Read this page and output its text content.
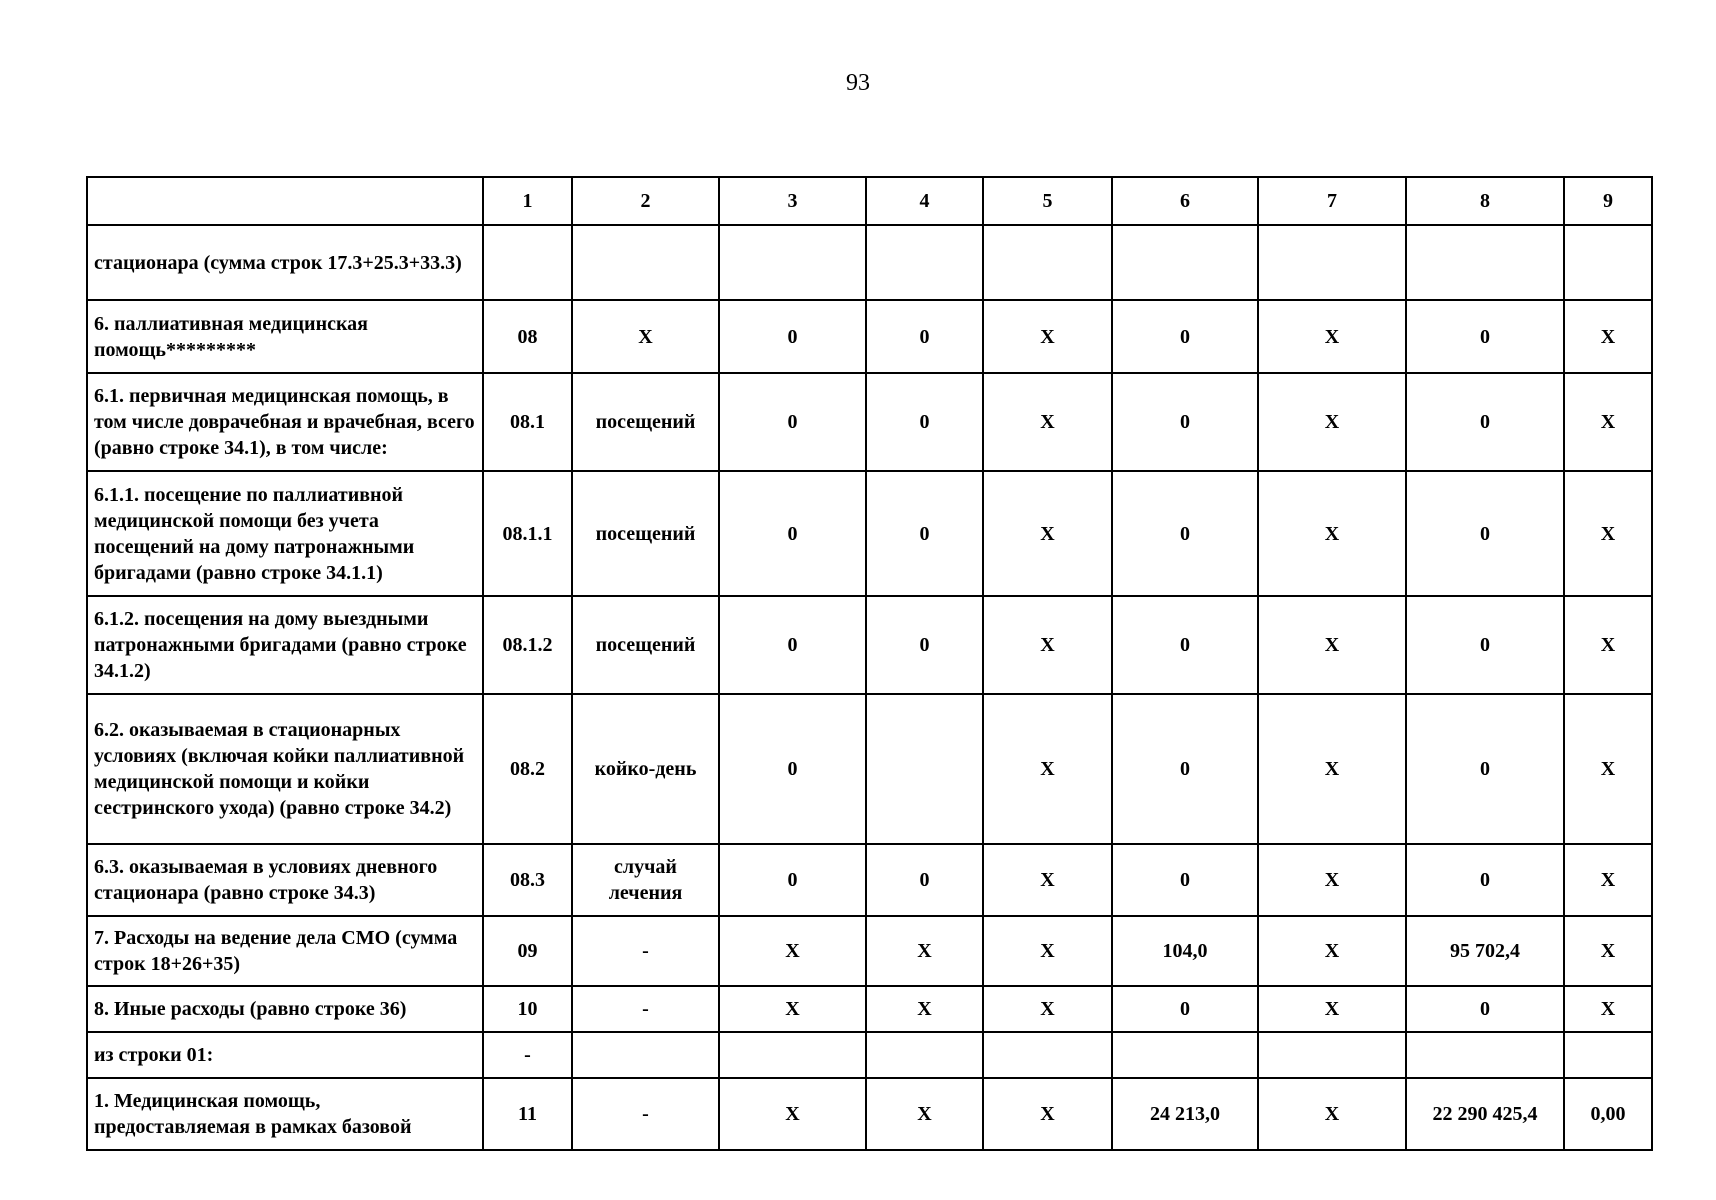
93
	1	2	3	4	5	6	7	8	9
стационара (сумма строк 17.3+25.3+33.3)									
6. паллиативная медицинская помощь*********	08	Х	0	0	Х	0	Х	0	Х
6.1. первичная медицинская помощь, в том числе доврачебная и врачебная, всего (равно строке 34.1), в том числе:	08.1	посещений	0	0	Х	0	Х	0	Х
6.1.1. посещение по паллиативной медицинской помощи без учета посещений на дому патронажными бригадами (равно строке 34.1.1)	08.1.1	посещений	0	0	Х	0	Х	0	Х
6.1.2. посещения на дому выездными патронажными бригадами (равно строке 34.1.2)	08.1.2	посещений	0	0	Х	0	Х	0	Х
6.2. оказываемая в стационарных условиях (включая койки паллиативной медицинской помощи и койки сестринского ухода) (равно строке 34.2)	08.2	койко-день	0		Х	0	Х	0	Х
6.3. оказываемая в условиях дневного стационара (равно строке 34.3)	08.3	случай лечения	0	0	Х	0	Х	0	Х
7. Расходы на ведение дела СМО (сумма строк 18+26+35)	09	-	Х	Х	Х	104,0	Х	95 702,4	Х
8. Иные расходы (равно строке 36)	10	-	Х	Х	Х	0	Х	0	Х
из строки 01:	-								
1. Медицинская помощь, предоставляемая в рамках базовой	11	-	Х	Х	Х	24 213,0	Х	22 290 425,4	0,00
